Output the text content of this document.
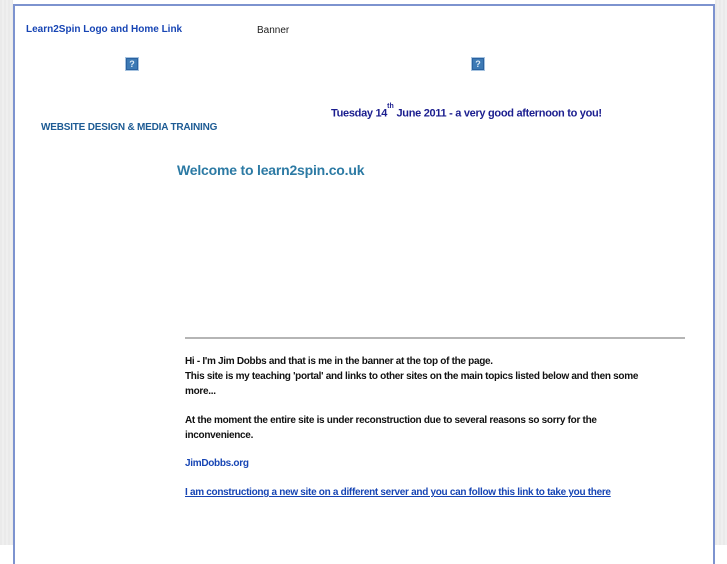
Learn2Spin Logo and Home Link	Banner
?	?
Tuesday 14th June 2011 - a very good afternoon to you!
WEBSITE DESIGN & MEDIA TRAINING
Welcome to learn2spin.co.uk
Hi - I'm Jim Dobbs and that is me in the banner at the top of the page.
This site is my teaching 'portal' and links to other sites on the main topics listed below and then some
more...
At the moment the entire site is under reconstruction due to several reasons so sorry for the
inconvenience.
JimDobbs.org
I am constructiong a new site on a different server and you can follow this link to take you there
